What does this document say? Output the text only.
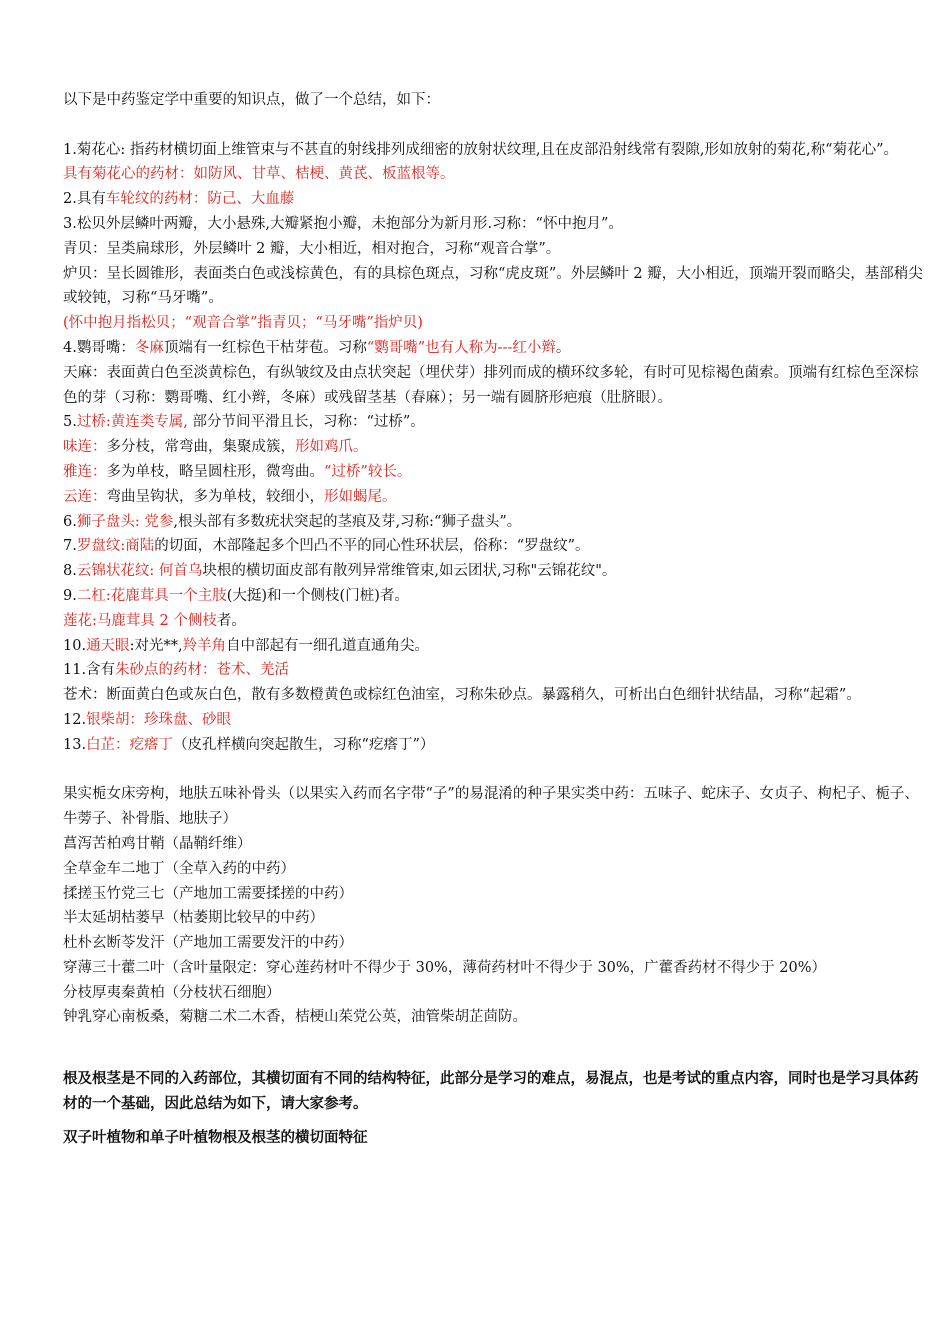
以下是中药鉴定学中重要的知识点，做了一个总结，如下：

1.菊花心: 指药材横切面上维管束与不甚直的射线排列成细密的放射状纹理,且在皮部沿射线常有裂隙,形如放射的菊花,称“菊花心”。

具有菊花心的药材：如防风、甘草、桔梗、黄芪、板蓝根等。

2.具有车轮纹的药材：防己、大血藤

3.松贝外层鳞叶两瓣，大小悬殊,大瓣紧抱小瓣，未抱部分为新月形.习称：“怀中抱月”。

青贝：呈类扁球形，外层鳞叶 2 瓣，大小相近，相对抱合，习称“观音合掌”。

炉贝：呈长圆锥形，表面类白色或浅棕黄色，有的具棕色斑点，习称“虎皮斑”。外层鳞叶 2 瓣，大小相近，顶端开裂而略尖，基部稍尖或较钝，习称“马牙嘴”。

(怀中抱月指松贝；“观音合掌”指青贝；“马牙嘴”指炉贝)

4.鹦哥嘴：冬麻顶端有一红棕色干枯芽苞。习称“鹦哥嘴”也有人称为---红小辫。

天麻：表面黄白色至淡黄棕色，有纵皱纹及由点状突起（埋伏芽）排列而成的横环纹多轮，有时可见棕褐色菌索。顶端有红棕色至深棕色的芽（习称：鹦哥嘴、红小辫，冬麻）或残留茎基（春麻）；另一端有圆脐形疤痕（肚脐眼）。

5.过桥:黄连类专属, 部分节间平滑且长，习称：“过桥”。

味连：多分枝，常弯曲，集聚成簇，形如鸡爪。

雅连：多为单枝，略呈圆柱形，微弯曲。“过桥”较长。

云连：弯曲呈钩状，多为单枝，较细小，形如蝎尾。

6.狮子盘头: 党参,根头部有多数疣状突起的茎痕及芽,习称:“狮子盘头”。

7.罗盘纹:商陆的切面，木部隆起多个凹凸不平的同心性环状层，俗称：“罗盘纹”。

8.云锦状花纹: 何首乌块根的横切面皮部有散列异常维管束,如云团状,习称"云锦花纹"。

9.二杠:花鹿茸具一个主肢(大挺)和一个侧枝(门桩)者。

莲花:马鹿茸具 2 个侧枝者。

10.通天眼:对光**,羚羊角自中部起有一细孔道直通角尖。

11.含有朱砂点的药材：苍术、羌活

苍术：断面黄白色或灰白色，散有多数橙黄色或棕红色油室，习称朱砂点。暴露稍久，可析出白色细针状结晶，习称“起霜”。

12.银柴胡：珍珠盘、砂眼

13.白芷：疙瘩丁（皮孔样横向突起散生，习称“疙瘩丁”）

果实栀女床旁枸，地肤五味补骨头（以果实入药而名字带“子”的易混淆的种子果实类中药：五味子、蛇床子、女贞子、枸杞子、栀子、牛蒡子、补骨脂、地肤子）

菖泻苦柏鸡甘鞘（晶鞘纤维）

全草金车二地丁（全草入药的中药）

揉搓玉竹党三七（产地加工需要揉搓的中药）

半太延胡枯蒌早（枯萎期比较早的中药）

杜朴玄断苓发汗（产地加工需要发汗的中药）

穿薄三十藿二叶（含叶量限定：穿心莲药材叶不得少于 30%，薄荷药材叶不得少于 30%，广藿香药材不得少于 20%）

分枝厚夷秦黄柏（分枝状石细胞）

钟乳穿心南板桑，菊糖二术二木香，桔梗山茱党公英，油管柴胡芷茴防。

根及根茎是不同的入药部位，其横切面有不同的结构特征，此部分是学习的难点，易混点，也是考试的重点内容，同时也是学习具体药材的一个基础，因此总结为如下，请大家参考。

双子叶植物和单子叶植物根及根茎的横切面特征
